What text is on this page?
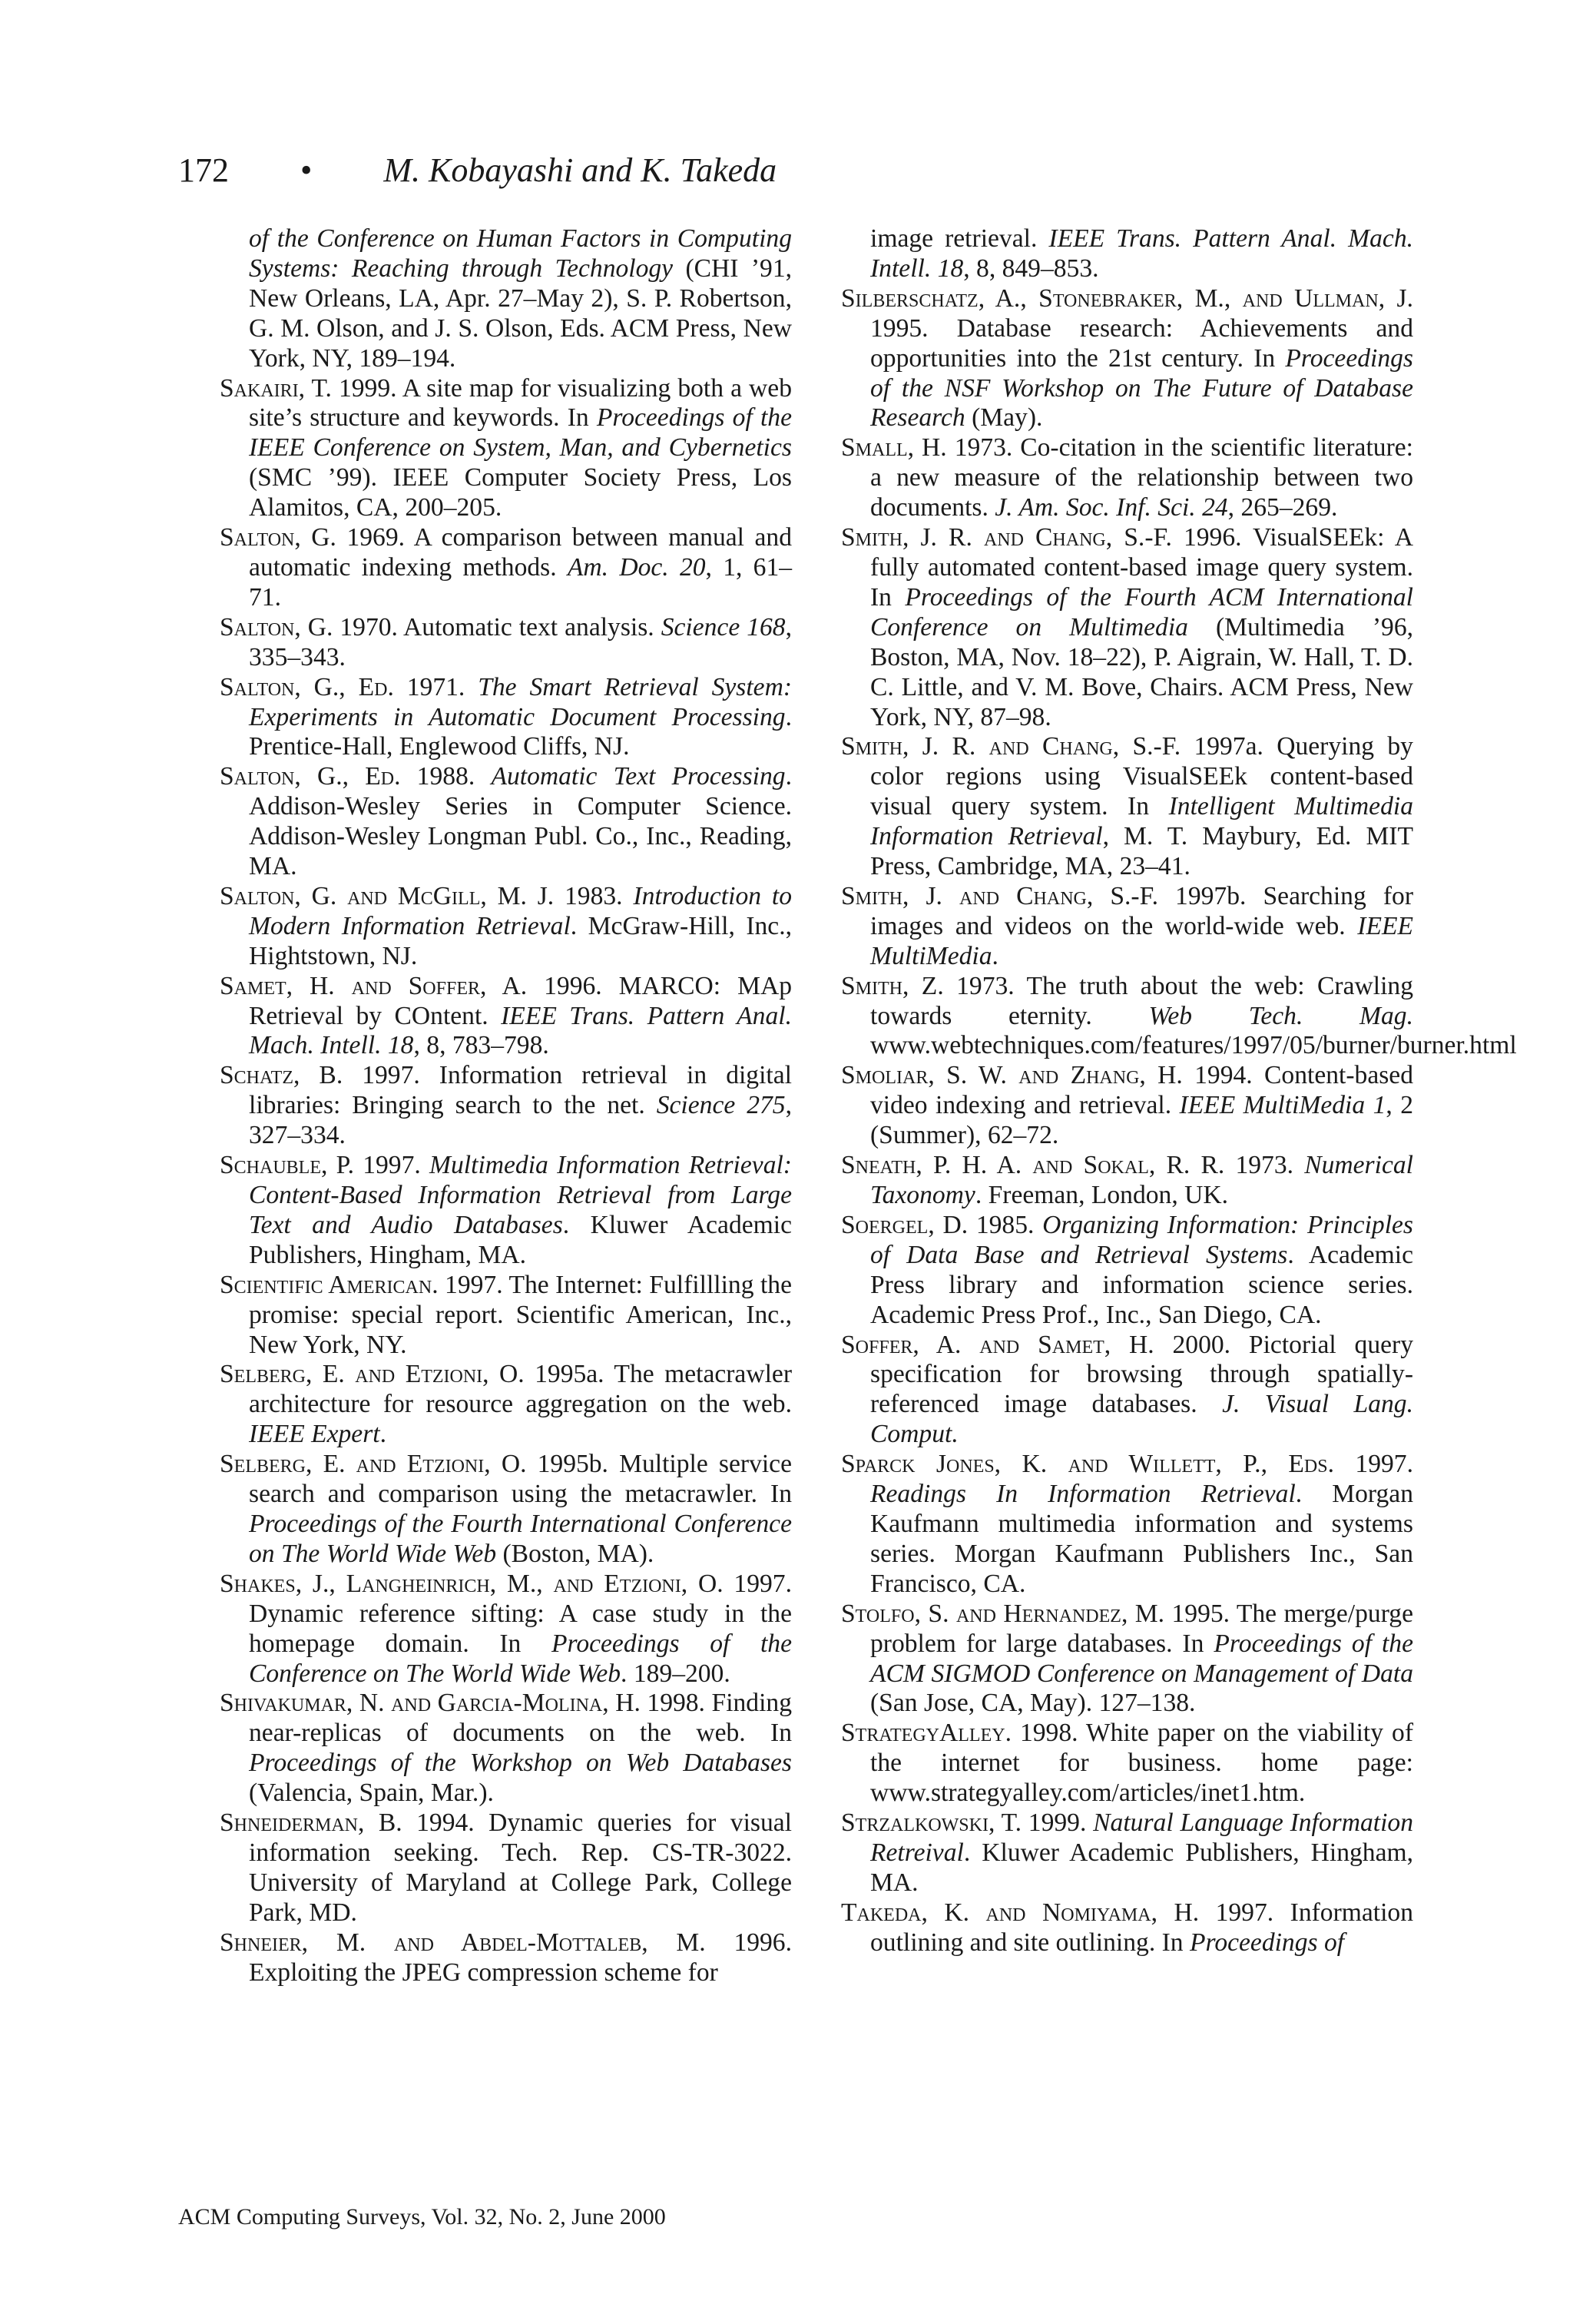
172 • M. Kobayashi and K. Takeda
of the Conference on Human Factors in Computing Systems: Reaching through Technology (CHI ’91, New Orleans, LA, Apr. 27–May 2), S. P. Robertson, G. M. Olson, and J. S. Olson, Eds. ACM Press, New York, NY, 189–194.
Sakairi, T. 1999. A site map for visualizing both a web site’s structure and keywords. In Proceedings of the IEEE Conference on System, Man, and Cybernetics (SMC ’99). IEEE Computer Society Press, Los Alamitos, CA, 200–205.
Salton, G. 1969. A comparison between manual and automatic indexing methods. Am. Doc. 20, 1, 61–71.
Salton, G. 1970. Automatic text analysis. Science 168, 335–343.
Salton, G., Ed. 1971. The Smart Retrieval System: Experiments in Automatic Document Processing. Prentice-Hall, Englewood Cliffs, NJ.
Salton, G., Ed. 1988. Automatic Text Processing. Addison-Wesley Series in Computer Science. Addison-Wesley Longman Publ. Co., Inc., Reading, MA.
Salton, G. and McGill, M. J. 1983. Introduction to Modern Information Retrieval. McGraw-Hill, Inc., Hightstown, NJ.
Samet, H. and Soffer, A. 1996. MARCO: MAp Retrieval by COntent. IEEE Trans. Pattern Anal. Mach. Intell. 18, 8, 783–798.
Schatz, B. 1997. Information retrieval in digital libraries: Bringing search to the net. Science 275, 327–334.
Schauble, P. 1997. Multimedia Information Retrieval: Content-Based Information Retrieval from Large Text and Audio Databases. Kluwer Academic Publishers, Hingham, MA.
Scientific American. 1997. The Internet: Fulfillling the promise: special report. Scientific American, Inc., New York, NY.
Selberg, E. and Etzioni, O. 1995a. The metacrawler architecture for resource aggregation on the web. IEEE Expert.
Selberg, E. and Etzioni, O. 1995b. Multiple service search and comparison using the metacrawler. In Proceedings of the Fourth International Conference on The World Wide Web (Boston, MA).
Shakes, J., Langheinrich, M., and Etzioni, O. 1997. Dynamic reference sifting: A case study in the homepage domain. In Proceedings of the Conference on The World Wide Web. 189–200.
Shivakumar, N. and Garcia-Molina, H. 1998. Finding near-replicas of documents on the web. In Proceedings of the Workshop on Web Databases (Valencia, Spain, Mar.).
Shneiderman, B. 1994. Dynamic queries for visual information seeking. Tech. Rep. CS-TR-3022. University of Maryland at College Park, College Park, MD.
Shneier, M. and Abdel-Mottaleb, M. 1996. Exploiting the JPEG compression scheme for
image retrieval. IEEE Trans. Pattern Anal. Mach. Intell. 18, 8, 849–853.
Silberschatz, A., Stonebraker, M., and Ullman, J. 1995. Database research: Achievements and opportunities into the 21st century. In Proceedings of the NSF Workshop on The Future of Database Research (May).
Small, H. 1973. Co-citation in the scientific literature: a new measure of the relationship between two documents. J. Am. Soc. Inf. Sci. 24, 265–269.
Smith, J. R. and Chang, S.-F. 1996. VisualSEEk: A fully automated content-based image query system. In Proceedings of the Fourth ACM International Conference on Multimedia (Multimedia ’96, Boston, MA, Nov. 18–22), P. Aigrain, W. Hall, T. D. C. Little, and V. M. Bove, Chairs. ACM Press, New York, NY, 87–98.
Smith, J. R. and Chang, S.-F. 1997a. Querying by color regions using VisualSEEk content-based visual query system. In Intelligent Multimedia Information Retrieval, M. T. Maybury, Ed. MIT Press, Cambridge, MA, 23–41.
Smith, J. and Chang, S.-F. 1997b. Searching for images and videos on the world-wide web. IEEE MultiMedia.
Smith, Z. 1973. The truth about the web: Crawling towards eternity. Web Tech. Mag. www.webtechniques.com/features/1997/05/burner/burner.html
Smoliar, S. W. and Zhang, H. 1994. Content-based video indexing and retrieval. IEEE MultiMedia 1, 2 (Summer), 62–72.
Sneath, P. H. A. and Sokal, R. R. 1973. Numerical Taxonomy. Freeman, London, UK.
Soergel, D. 1985. Organizing Information: Principles of Data Base and Retrieval Systems. Academic Press library and information science series. Academic Press Prof., Inc., San Diego, CA.
Soffer, A. and Samet, H. 2000. Pictorial query specification for browsing through spatially-referenced image databases. J. Visual Lang. Comput.
Sparck Jones, K. and Willett, P., Eds. 1997. Readings In Information Retrieval. Morgan Kaufmann multimedia information and systems series. Morgan Kaufmann Publishers Inc., San Francisco, CA.
Stolfo, S. and Hernandez, M. 1995. The merge/purge problem for large databases. In Proceedings of the ACM SIGMOD Conference on Management of Data (San Jose, CA, May). 127–138.
StrategyAlley. 1998. White paper on the viability of the internet for business. home page: www.strategyalley.com/articles/inet1.htm.
Strzalkowski, T. 1999. Natural Language Information Retreival. Kluwer Academic Publishers, Hingham, MA.
Takeda, K. and Nomiyama, H. 1997. Information outlining and site outlining. In Proceedings of
ACM Computing Surveys, Vol. 32, No. 2, June 2000
